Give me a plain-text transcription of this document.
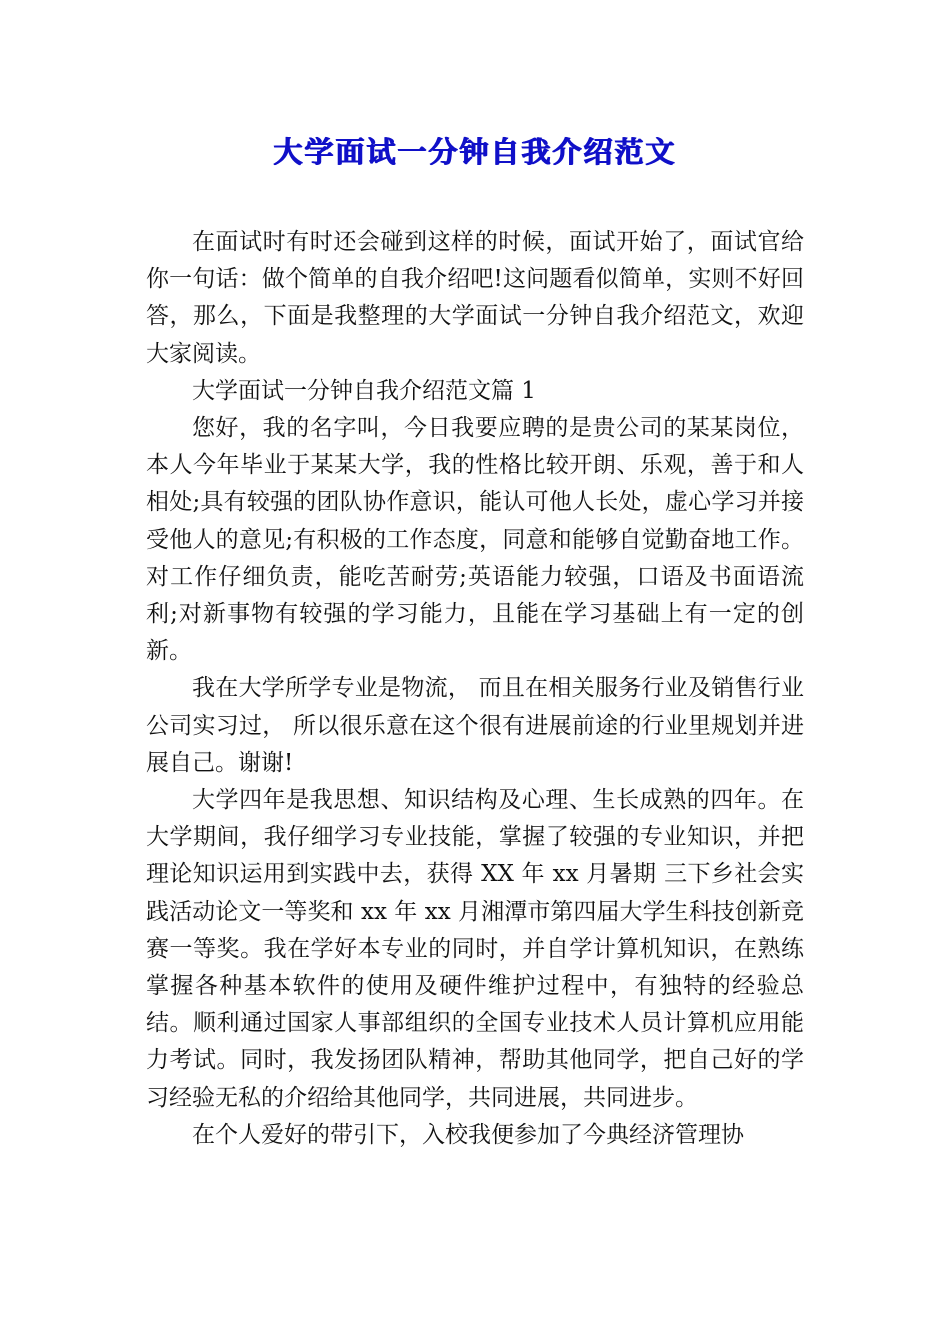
大学面试一分钟自我介绍范文

在面试时有时还会碰到这样的时候，面试开始了，面试官给你一句话：做个简单的自我介绍吧!这问题看似简单，实则不好回答，那么，下面是我整理的大学面试一分钟自我介绍范文，欢迎大家阅读。

大学面试一分钟自我介绍范文篇 1

您好，我的名字叫，今日我要应聘的是贵公司的某某岗位，本人今年毕业于某某大学，我的性格比较开朗、乐观，善于和人相处;具有较强的团队协作意识，能认可他人长处，虚心学习并接受他人的意见;有积极的工作态度，同意和能够自觉勤奋地工作。对工作仔细负责，能吃苦耐劳;英语能力较强，口语及书面语流利;对新事物有较强的学习能力，且能在学习基础上有一定的创新。

我在大学所学专业是物流， 而且在相关服务行业及销售行业公司实习过， 所以很乐意在这个很有进展前途的行业里规划并进展自己。谢谢!

大学四年是我思想、知识结构及心理、生长成熟的四年。在大学期间，我仔细学习专业技能，掌握了较强的专业知识，并把理论知识运用到实践中去，获得 XX 年 xx 月暑期 三下乡社会实践活动论文一等奖和 xx 年 xx 月湘潭市第四届大学生科技创新竞赛一等奖。我在学好本专业的同时，并自学计算机知识，在熟练掌握各种基本软件的使用及硬件维护过程中，有独特的经验总结。顺利通过国家人事部组织的全国专业技术人员计算机应用能力考试。同时，我发扬团队精神，帮助其他同学，把自己好的学习经验无私的介绍给其他同学，共同进展，共同进步。

在个人爱好的带引下，入校我便参加了今典经济管理协
